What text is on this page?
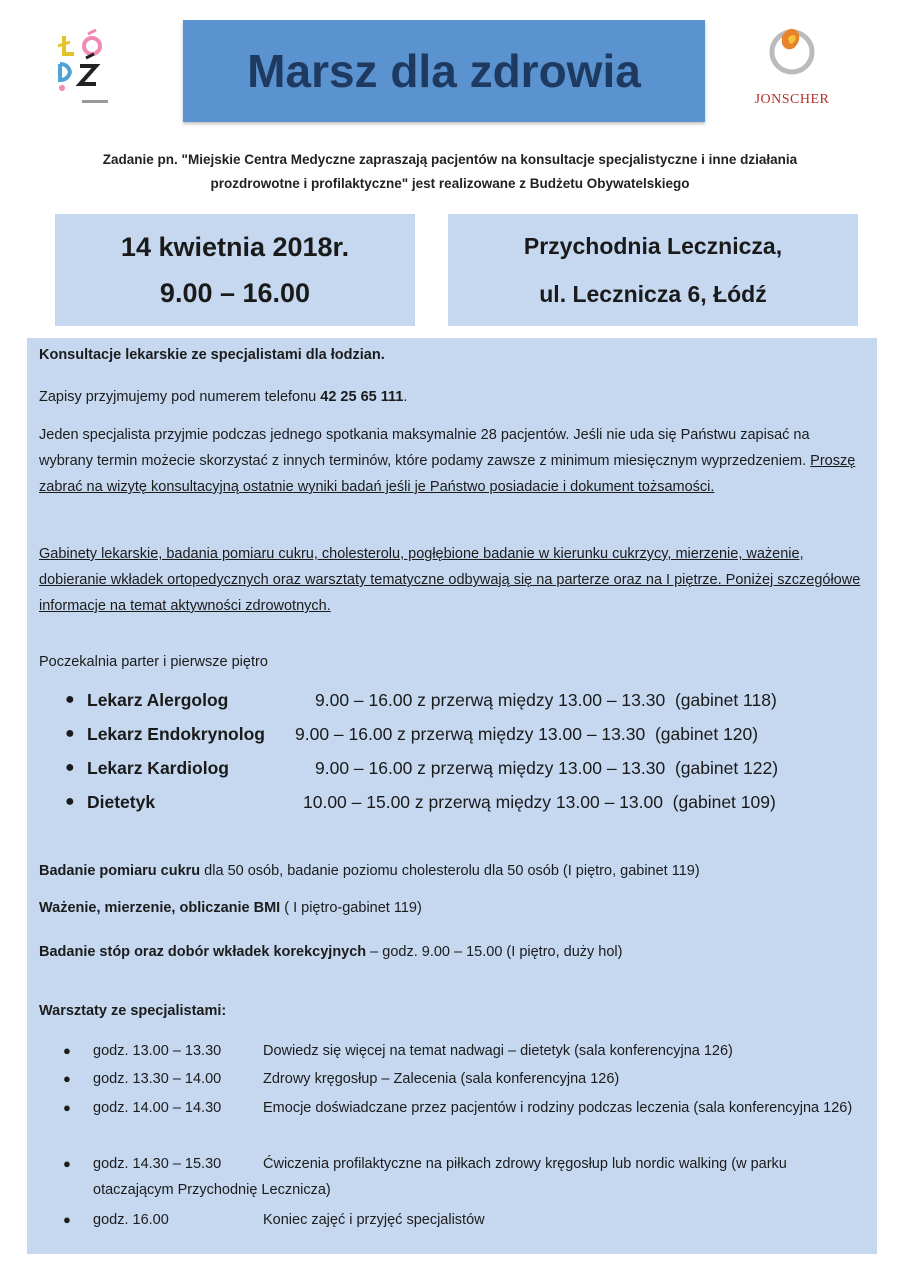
Marsz dla zdrowia
JONSCHER
Zadanie pn. "Miejskie Centra Medyczne zapraszają pacjentów na konsultacje specjalistyczne i inne działania
prozdrowotne i profilaktyczne" jest realizowane z Budżetu Obywatelskiego
14 kwietnia 2018r.
9.00 – 16.00
Przychodnia Lecznicza,
ul. Lecznicza 6, Łódź
Konsultacje lekarskie ze specjalistami dla łodzian.
Zapisy przyjmujemy pod numerem telefonu 42 25 65 111.
Jeden specjalista przyjmie podczas jednego spotkania maksymalnie 28 pacjentów. Jeśli nie uda się Państwu zapisać na wybrany termin możecie skorzystać z innych terminów, które podamy zawsze z minimum miesięcznym wyprzedzeniem. Proszę zabrać na wizytę konsultacyjną ostatnie wyniki badań jeśli je Państwo posiadacie i dokument tożsamości.
Gabinety lekarskie, badania pomiaru cukru, cholesterolu, pogłębione badanie w kierunku cukrzycy, mierzenie, ważenie, dobieranie wkładek ortopedycznych oraz warsztaty tematyczne odbywają się na parterze oraz na I piętrze. Poniżej szczegółowe informacje na temat aktywności zdrowotnych.
Poczekalnia parter i pierwsze piętro
● Lekarz Alergolog	9.00 – 16.00 z przerwą między 13.00 – 13.30  (gabinet 118)
● Lekarz Endokrynolog	9.00 – 16.00 z przerwą między 13.00 – 13.30  (gabinet 120)
● Lekarz Kardiolog	9.00 – 16.00 z przerwą między 13.00 – 13.30  (gabinet 122)
● Dietetyk	10.00 – 15.00 z przerwą między 13.00 – 13.00  (gabinet 109)
Badanie pomiaru cukru dla 50 osób, badanie poziomu cholesterolu dla 50 osób (I piętro, gabinet 119)
Ważenie, mierzenie, obliczanie BMI ( I piętro-gabinet 119)
Badanie stóp oraz dobór wkładek korekcyjnych – godz. 9.00 – 15.00 (I piętro, duży hol)
Warsztaty ze specjalistami:
● godz. 13.00 – 13.30	Dowiedz się więcej na temat nadwagi – dietetyk (sala konferencyjna 126)
● godz. 13.30 – 14.00	Zdrowy kręgosłup – Zalecenia (sala konferencyjna 126)
● godz. 14.00 – 14.30	Emocje doświadczane przez pacjentów i rodziny podczas leczenia (sala konferencyjna 126)
● godz. 14.30 – 15.30	Ćwiczenia profilaktyczne na piłkach zdrowy kręgosłup lub nordic walking (w parku otaczającym Przychodnię Lecznicza)
● godz. 16.00	Koniec zajęć i przyjęć specjalistów
